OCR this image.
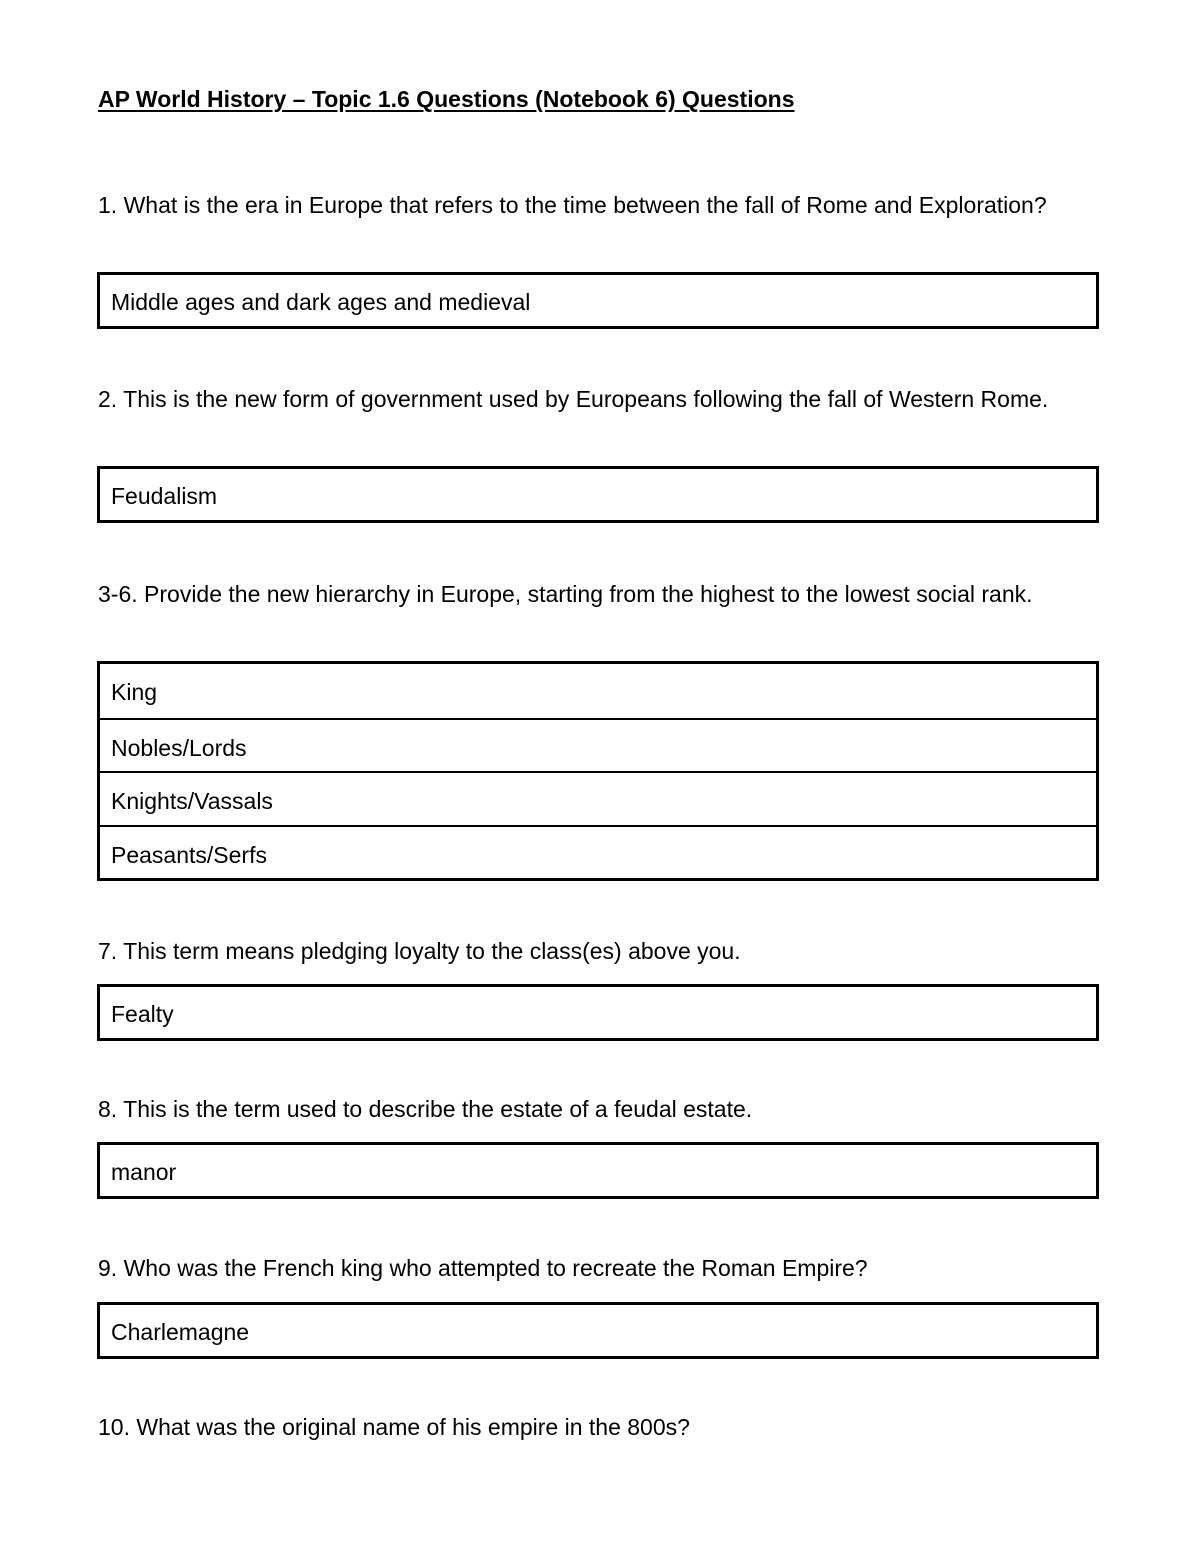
AP World History – Topic 1.6 Questions (Notebook 6) Questions
1. What is the era in Europe that refers to the time between the fall of Rome and Exploration?
Middle ages and dark ages and medieval
2. This is the new form of government used by Europeans following the fall of Western Rome.
Feudalism
3-6. Provide the new hierarchy in Europe, starting from the highest to the lowest social rank.
King
Nobles/Lords
Knights/Vassals
Peasants/Serfs
7. This term means pledging loyalty to the class(es) above you.
Fealty
8. This is the term used to describe the estate of a feudal estate.
manor
9. Who was the French king who attempted to recreate the Roman Empire?
Charlemagne
10. What was the original name of his empire in the 800s?
